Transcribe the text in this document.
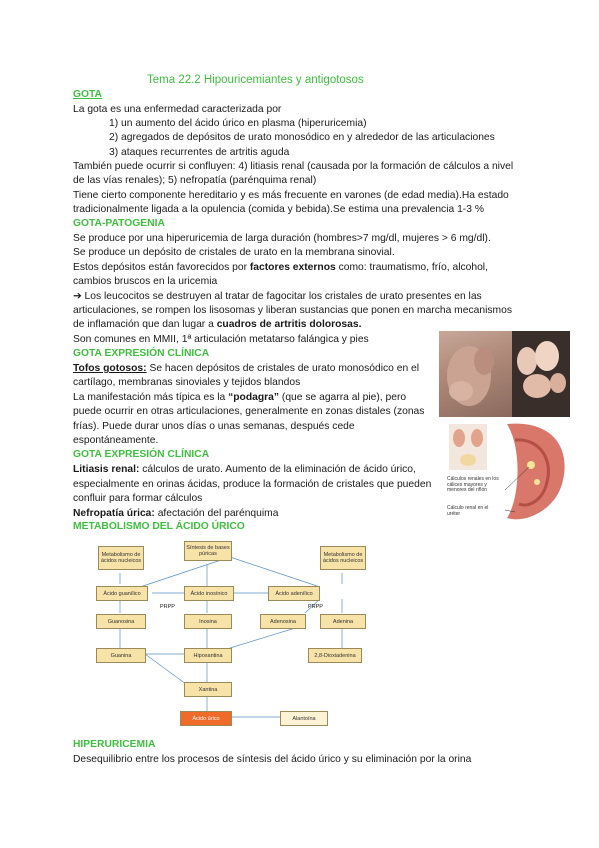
Tema 22.2 Hipouricemiantes y antigotosos
GOTA

La gota es una enfermedad caracterizada por

1) un aumento del ácido úrico en plasma (hiperuricemia)

2) agregados de depósitos de urato monosódico en y alrededor de las articulaciones

3) ataques recurrentes de artritis aguda

También puede ocurrir si confluyen: 4) litiasis renal (causada por la formación de cálculos a nivel

de las vías renales); 5) nefropatía (parénquima renal)

Tiene cierto componente hereditario y es más frecuente en varones (de edad media).Ha estado

tradicionalmente ligada a la opulencia (comida y bebida).Se estima una prevalencia 1-3 %

GOTA-PATOGENIA

Se produce por una hiperuricemia de larga duración (hombres>7 mg/dl, mujeres > 6 mg/dl).

Se produce un depósito de cristales de urato en la membrana sinovial.

Estos depósitos están favorecidos por factores externos como: traumatismo, frío, alcohol,

cambios bruscos en la uricemia

➔ Los leucocitos se destruyen al tratar de fagocitar los cristales de urato presentes en las

articulaciones, se rompen los lisosomas y liberan sustancias que ponen en marcha mecanismos

de inflamación que dan lugar a cuadros de artritis dolorosas.

Son comunes en MMII, 1ª articulación metatarso falángica y pies

GOTA EXPRESIÓN CLÍNICA

Tofos gotosos: Se hacen depósitos de cristales de urato monosódico en el

cartílago, membranas sinoviales y tejidos blandos

La manifestación más típica es la “podagra” (que se agarra al pie), pero

puede ocurrir en otras articulaciones, generalmente en zonas distales (zonas

frías). Puede durar unos días o unas semanas, después cede

espontáneamente.

GOTA EXPRESIÓN CLÍNICA

Litiasis renal: cálculos de urato. Aumento de la eliminación de ácido úrico,

especialmente en orinas ácidas, produce la formación de cristales que pueden

confluir para formar cálculos

Nefropatía úrica: afectación del parénquima

METABOLISMO DEL ÁCIDO ÚRICO
Cálculos renales en los cálices mayores y menores del riñón
Cálculo renal en el uréter
Metabolismo de ácidos nucleicos
Síntesis de bases púricas	Metabolismo de ácidos nucleicos
Ácido guanílico	Ácido inosínico	Ácido adenílico
PRPP	PRPP
Guanosina	Inosina	Adenosina	Adenina
Guanina	Hipoxantina	2,8-Dioxiadenina
Xantina
Ácido úrico	Alantoína
HIPERURICEMIA

Desequilibrio entre los procesos de síntesis del ácido úrico y su eliminación por la orina
